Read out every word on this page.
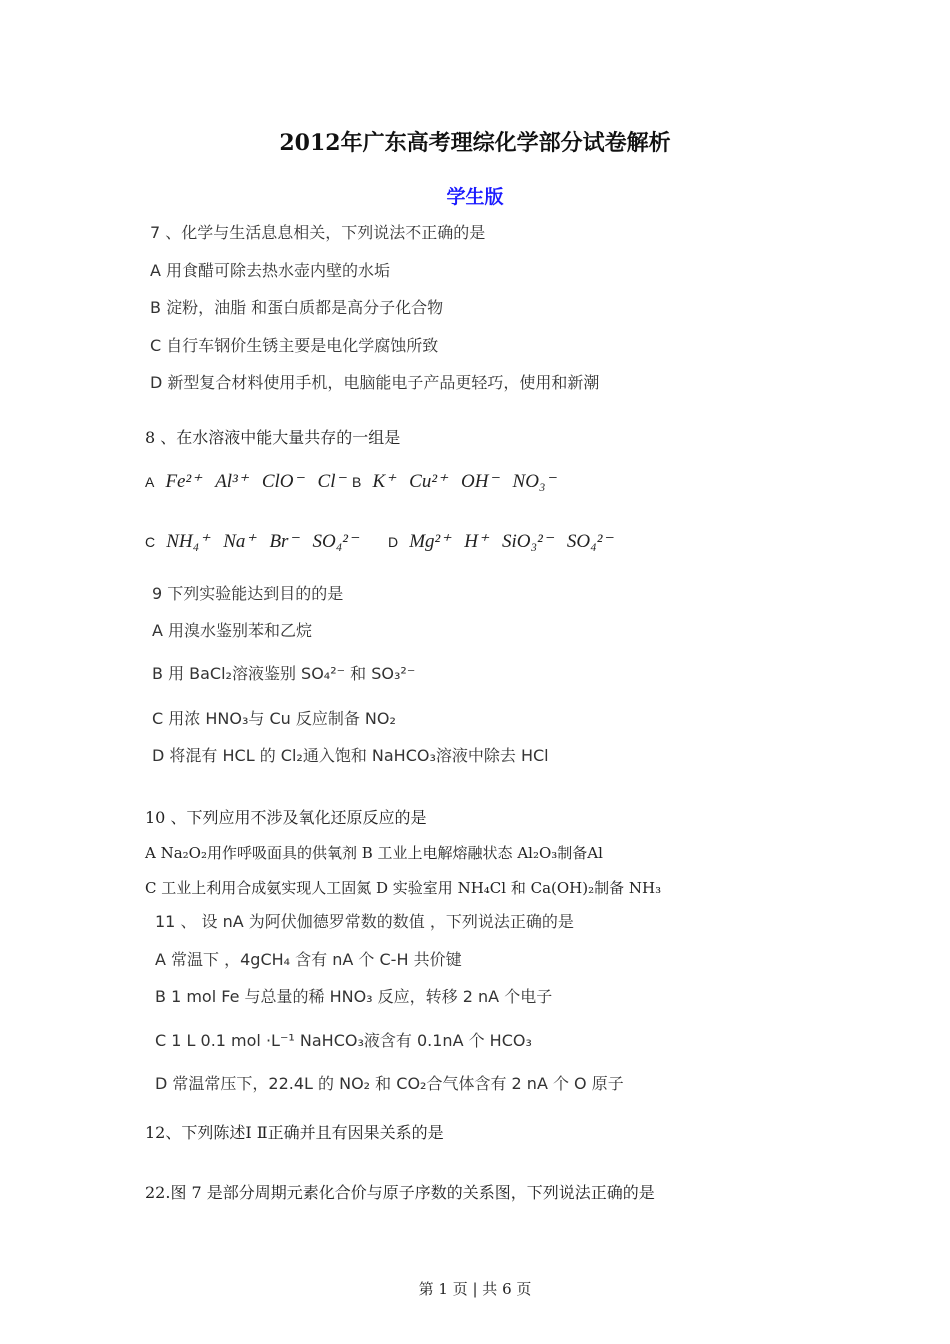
2012年广东高考理综化学部分试卷解析
学生版
7 、化学与生活息息相关，下列说法不正确的是
A 用食醋可除去热水壶内壁的水垢
B 淀粉，油脂 和蛋白质都是高分子化合物
C 自行车钢价生锈主要是电化学腐蚀所致
D 新型复合材料使用手机，电脑能电子产品更轻巧，使用和新潮
8 、在水溶液中能大量共存的一组是
A Fe²⁺ Al³⁺ ClO⁻ Cl⁻ B K⁺ Cu²⁺ OH⁻ NO₃⁻
C NH₄⁺ Na⁺ Br⁻ SO₄²⁻	D Mg²⁺ H⁺ SiO₃²⁻ SO₄²⁻
9 下列实验能达到目的的是
A 用溴水鉴别苯和乙烷
B 用 BaCl₂溶液鉴别 SO₄²⁻ 和 SO₃²⁻
C 用浓 HNO₃与 Cu 反应制备 NO₂
D 将混有 HCL 的 Cl₂通入饱和 NaHCO₃溶液中除去 HCl
10 、下列应用不涉及氧化还原反应的是
A Na₂O₂用作呼吸面具的供氧剂 B 工业上电解熔融状态 Al₂O₃制备Al
C 工业上利用合成氨实现人工固氮 D 实验室用 NH₄Cl 和 Ca(OH)₂制备 NH₃
11 、 设 nA 为阿伏伽德罗常数的数值 ，下列说法正确的是
A 常温下 ，4gCH₄ 含有 nA 个 C-H 共价键
B 1 mol Fe 与总量的稀 HNO₃ 反应，转移 2 nA 个电子
C 1 L 0.1 mol ·L⁻¹ NaHCO₃液含有 0.1nA 个 HCO₃
D 常温常压下，22.4L 的 NO₂ 和 CO₂合气体含有 2 nA 个 O 原子
12、下列陈述Ⅰ Ⅱ正确并且有因果关系的是
22.图 7 是部分周期元素化合价与原子序数的关系图，下列说法正确的是
第 1 页 | 共 6 页
